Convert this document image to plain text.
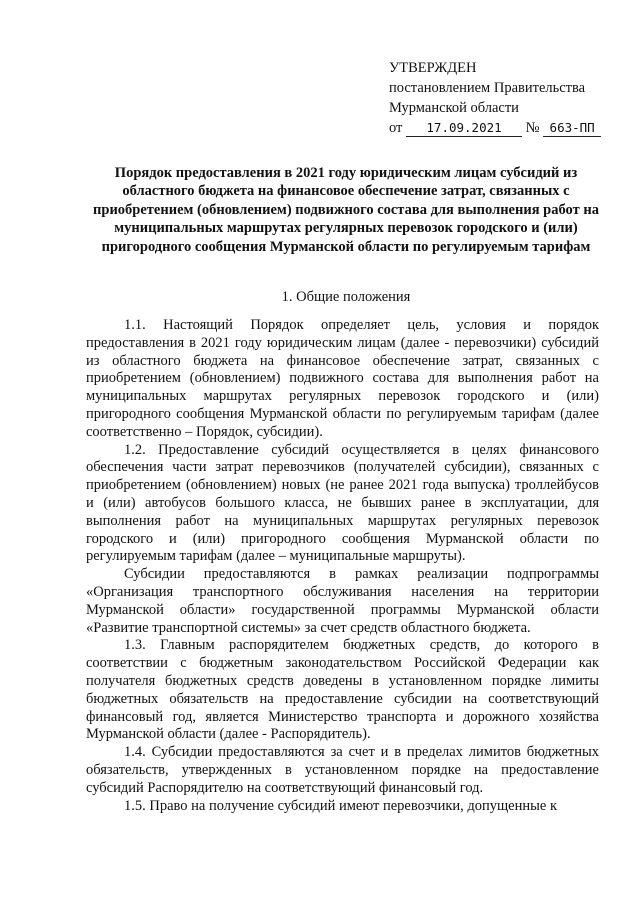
УТВЕРЖДЕН
постановлением Правительства
Мурманской области
от 17.09.2021 № 663-ПП
Порядок предоставления в 2021 году юридическим лицам субсидий из областного бюджета на финансовое обеспечение затрат, связанных с приобретением (обновлением) подвижного состава для выполнения работ на муниципальных маршрутах регулярных перевозок городского и (или) пригородного сообщения Мурманской области по регулируемым тарифам
1. Общие положения

1.1. Настоящий Порядок определяет цель, условия и порядок предоставления в 2021 году юридическим лицам (далее - перевозчики) субсидий из областного бюджета на финансовое обеспечение затрат, связанных с приобретением (обновлением) подвижного состава для выполнения работ на муниципальных маршрутах регулярных перевозок городского и (или) пригородного сообщения Мурманской области по регулируемым тарифам (далее соответственно – Порядок, субсидии).

1.2. Предоставление субсидий осуществляется в целях финансового обеспечения части затрат перевозчиков (получателей субсидии), связанных с приобретением (обновлением) новых (не ранее 2021 года выпуска) троллейбусов и (или) автобусов большого класса, не бывших ранее в эксплуатации, для выполнения работ на муниципальных маршрутах регулярных перевозок городского и (или) пригородного сообщения Мурманской области по регулируемым тарифам (далее – муниципальные маршруты).

Субсидии предоставляются в рамках реализации подпрограммы «Организация транспортного обслуживания населения на территории Мурманской области» государственной программы Мурманской области «Развитие транспортной системы» за счет средств областного бюджета.

1.3. Главным распорядителем бюджетных средств, до которого в соответствии с бюджетным законодательством Российской Федерации как получателя бюджетных средств доведены в установленном порядке лимиты бюджетных обязательств на предоставление субсидии на соответствующий финансовый год, является Министерство транспорта и дорожного хозяйства Мурманской области (далее - Распорядитель).

1.4. Субсидии предоставляются за счет и в пределах лимитов бюджетных обязательств, утвержденных в установленном порядке на предоставление субсидий Распорядителю на соответствующий финансовый год.

1.5. Право на получение субсидий имеют перевозчики, допущенные к
